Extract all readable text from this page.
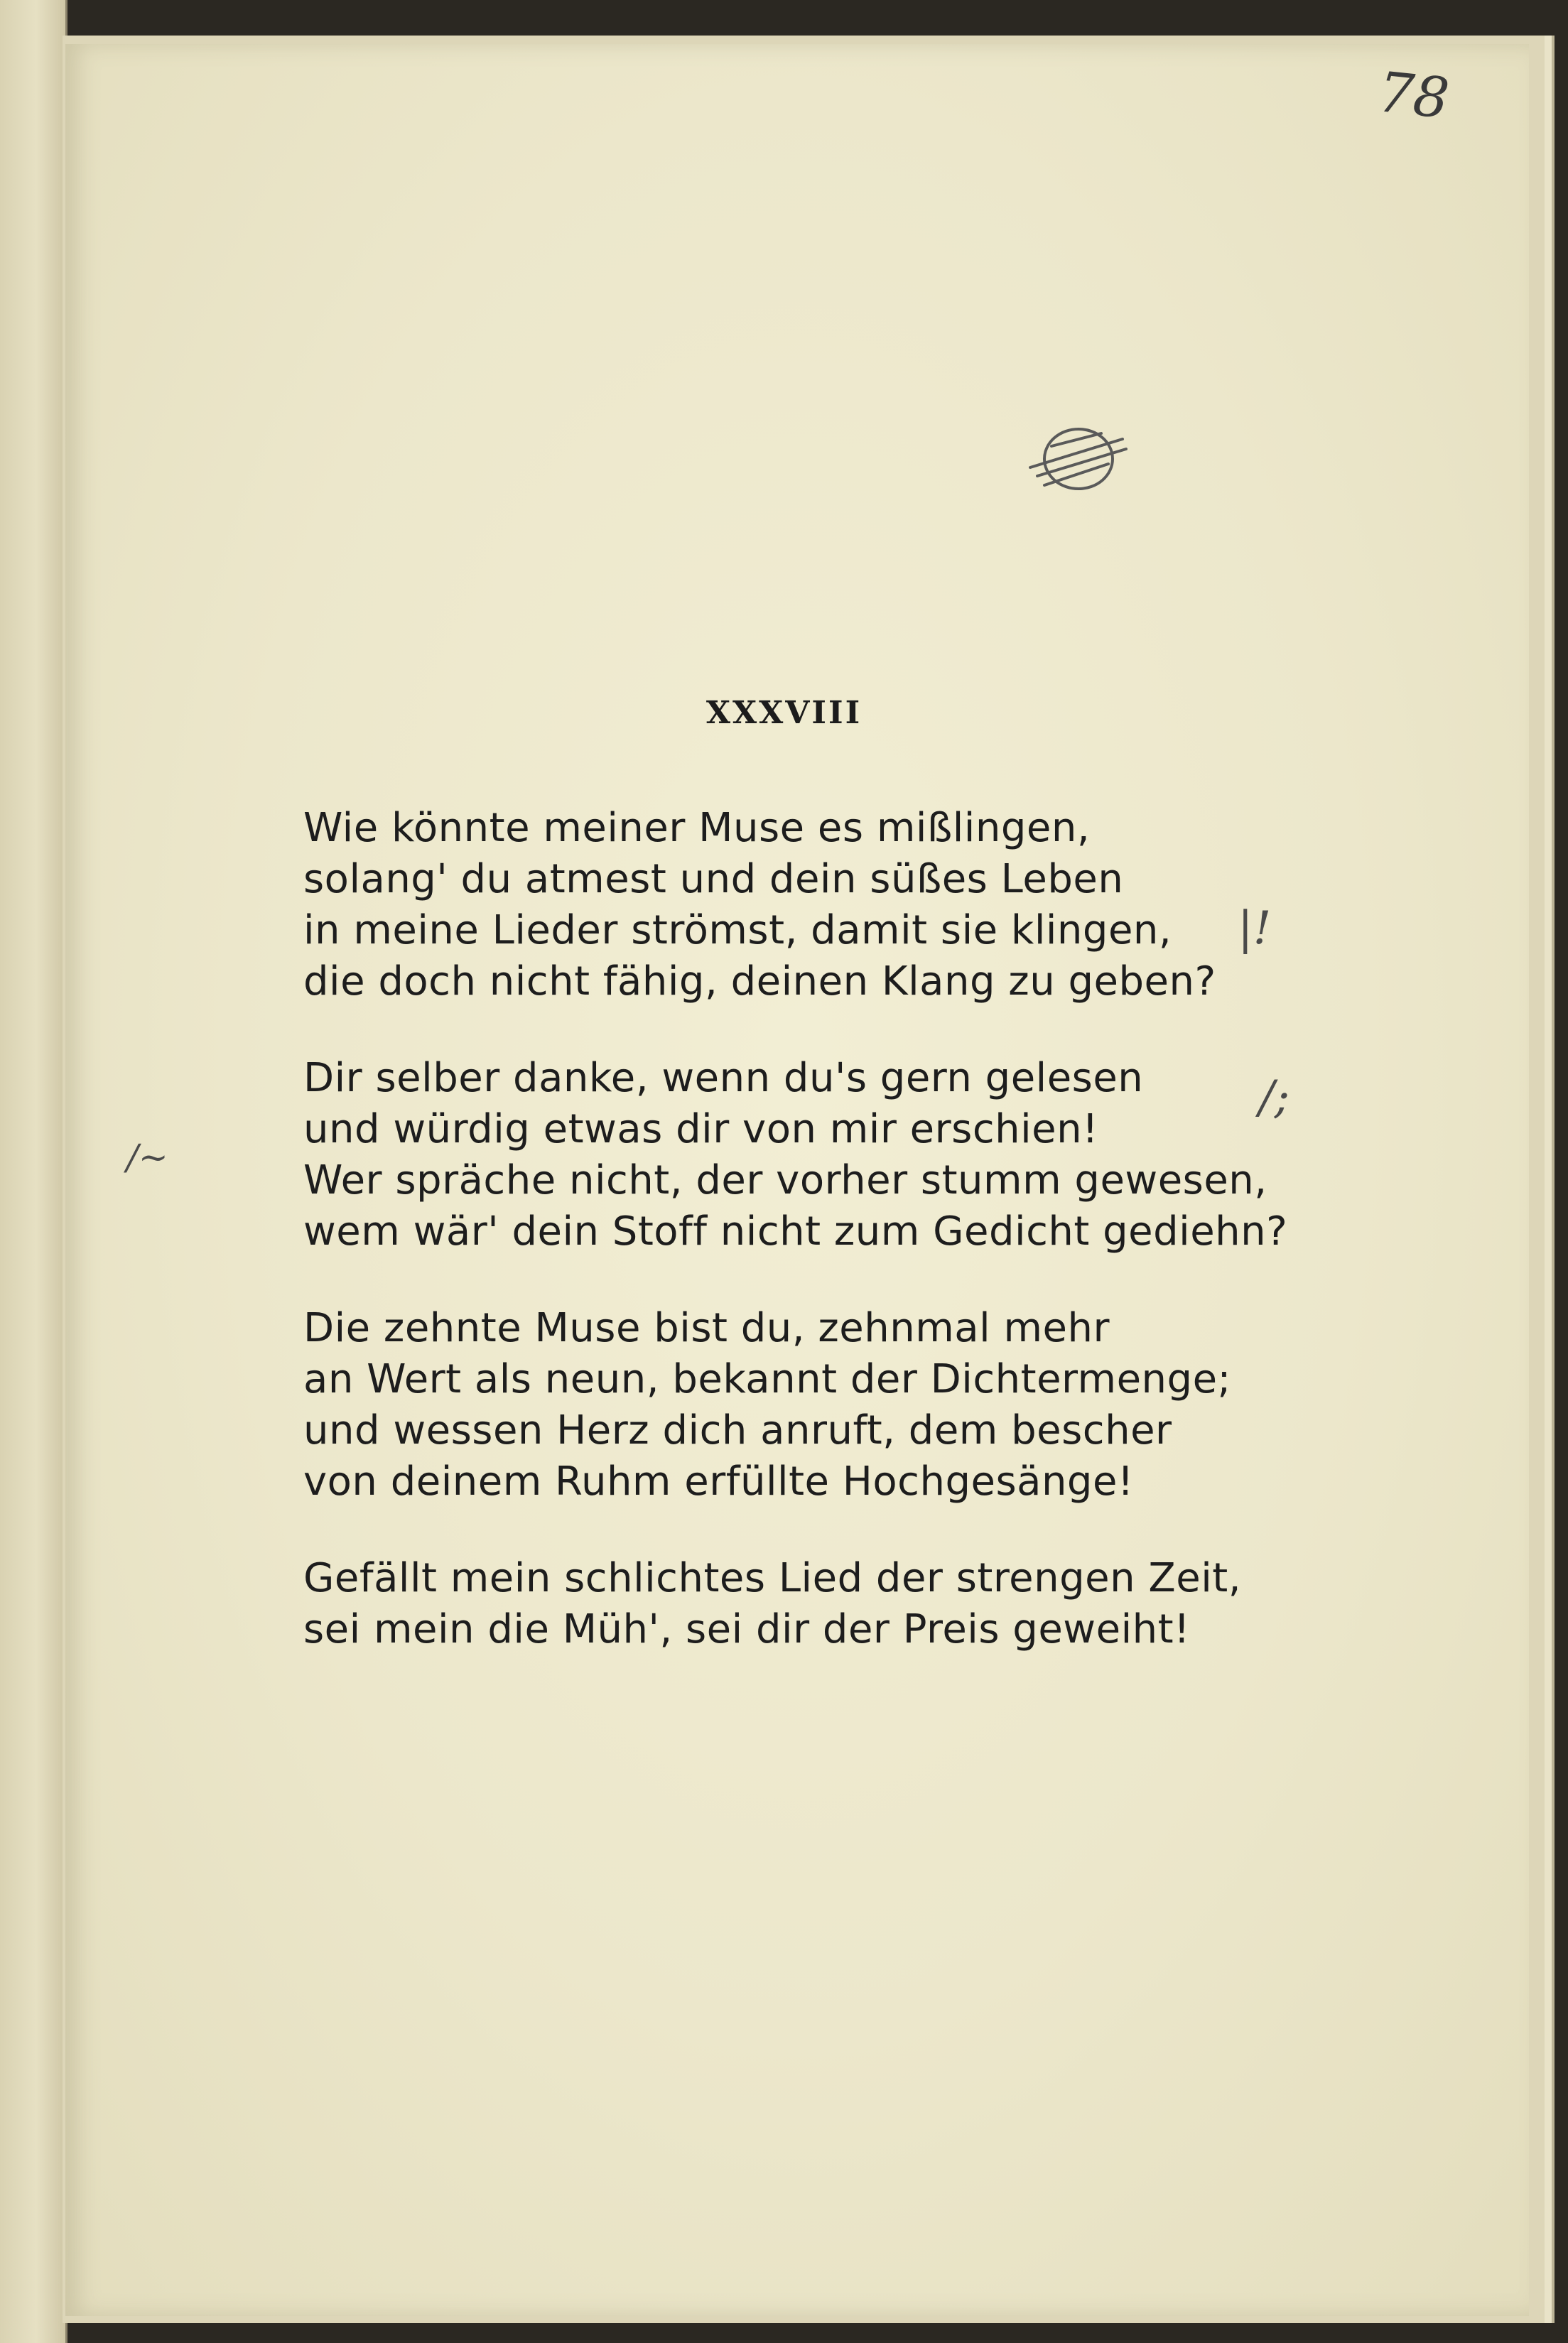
78
XXXVIII
Wie könnte meiner Muse es mißlingen,
solang' du atmest und dein süßes Leben
in meine Lieder strömst, damit sie klingen,
die doch nicht fähig, deinen Klang zu geben?
Dir selber danke, wenn du's gern gelesen
und würdig etwas dir von mir erschien!
Wer spräche nicht, der vorher stumm gewesen,
wem wär' dein Stoff nicht zum Gedicht gediehn?
Die zehnte Muse bist du, zehnmal mehr
an Wert als neun, bekannt der Dichtermenge;
und wessen Herz dich anruft, dem bescher
von deinem Ruhm erfüllte Hochgesänge!
Gefällt mein schlichtes Lied der strengen Zeit,
sei mein die Müh', sei dir der Preis geweiht!
|!
/;
/~
